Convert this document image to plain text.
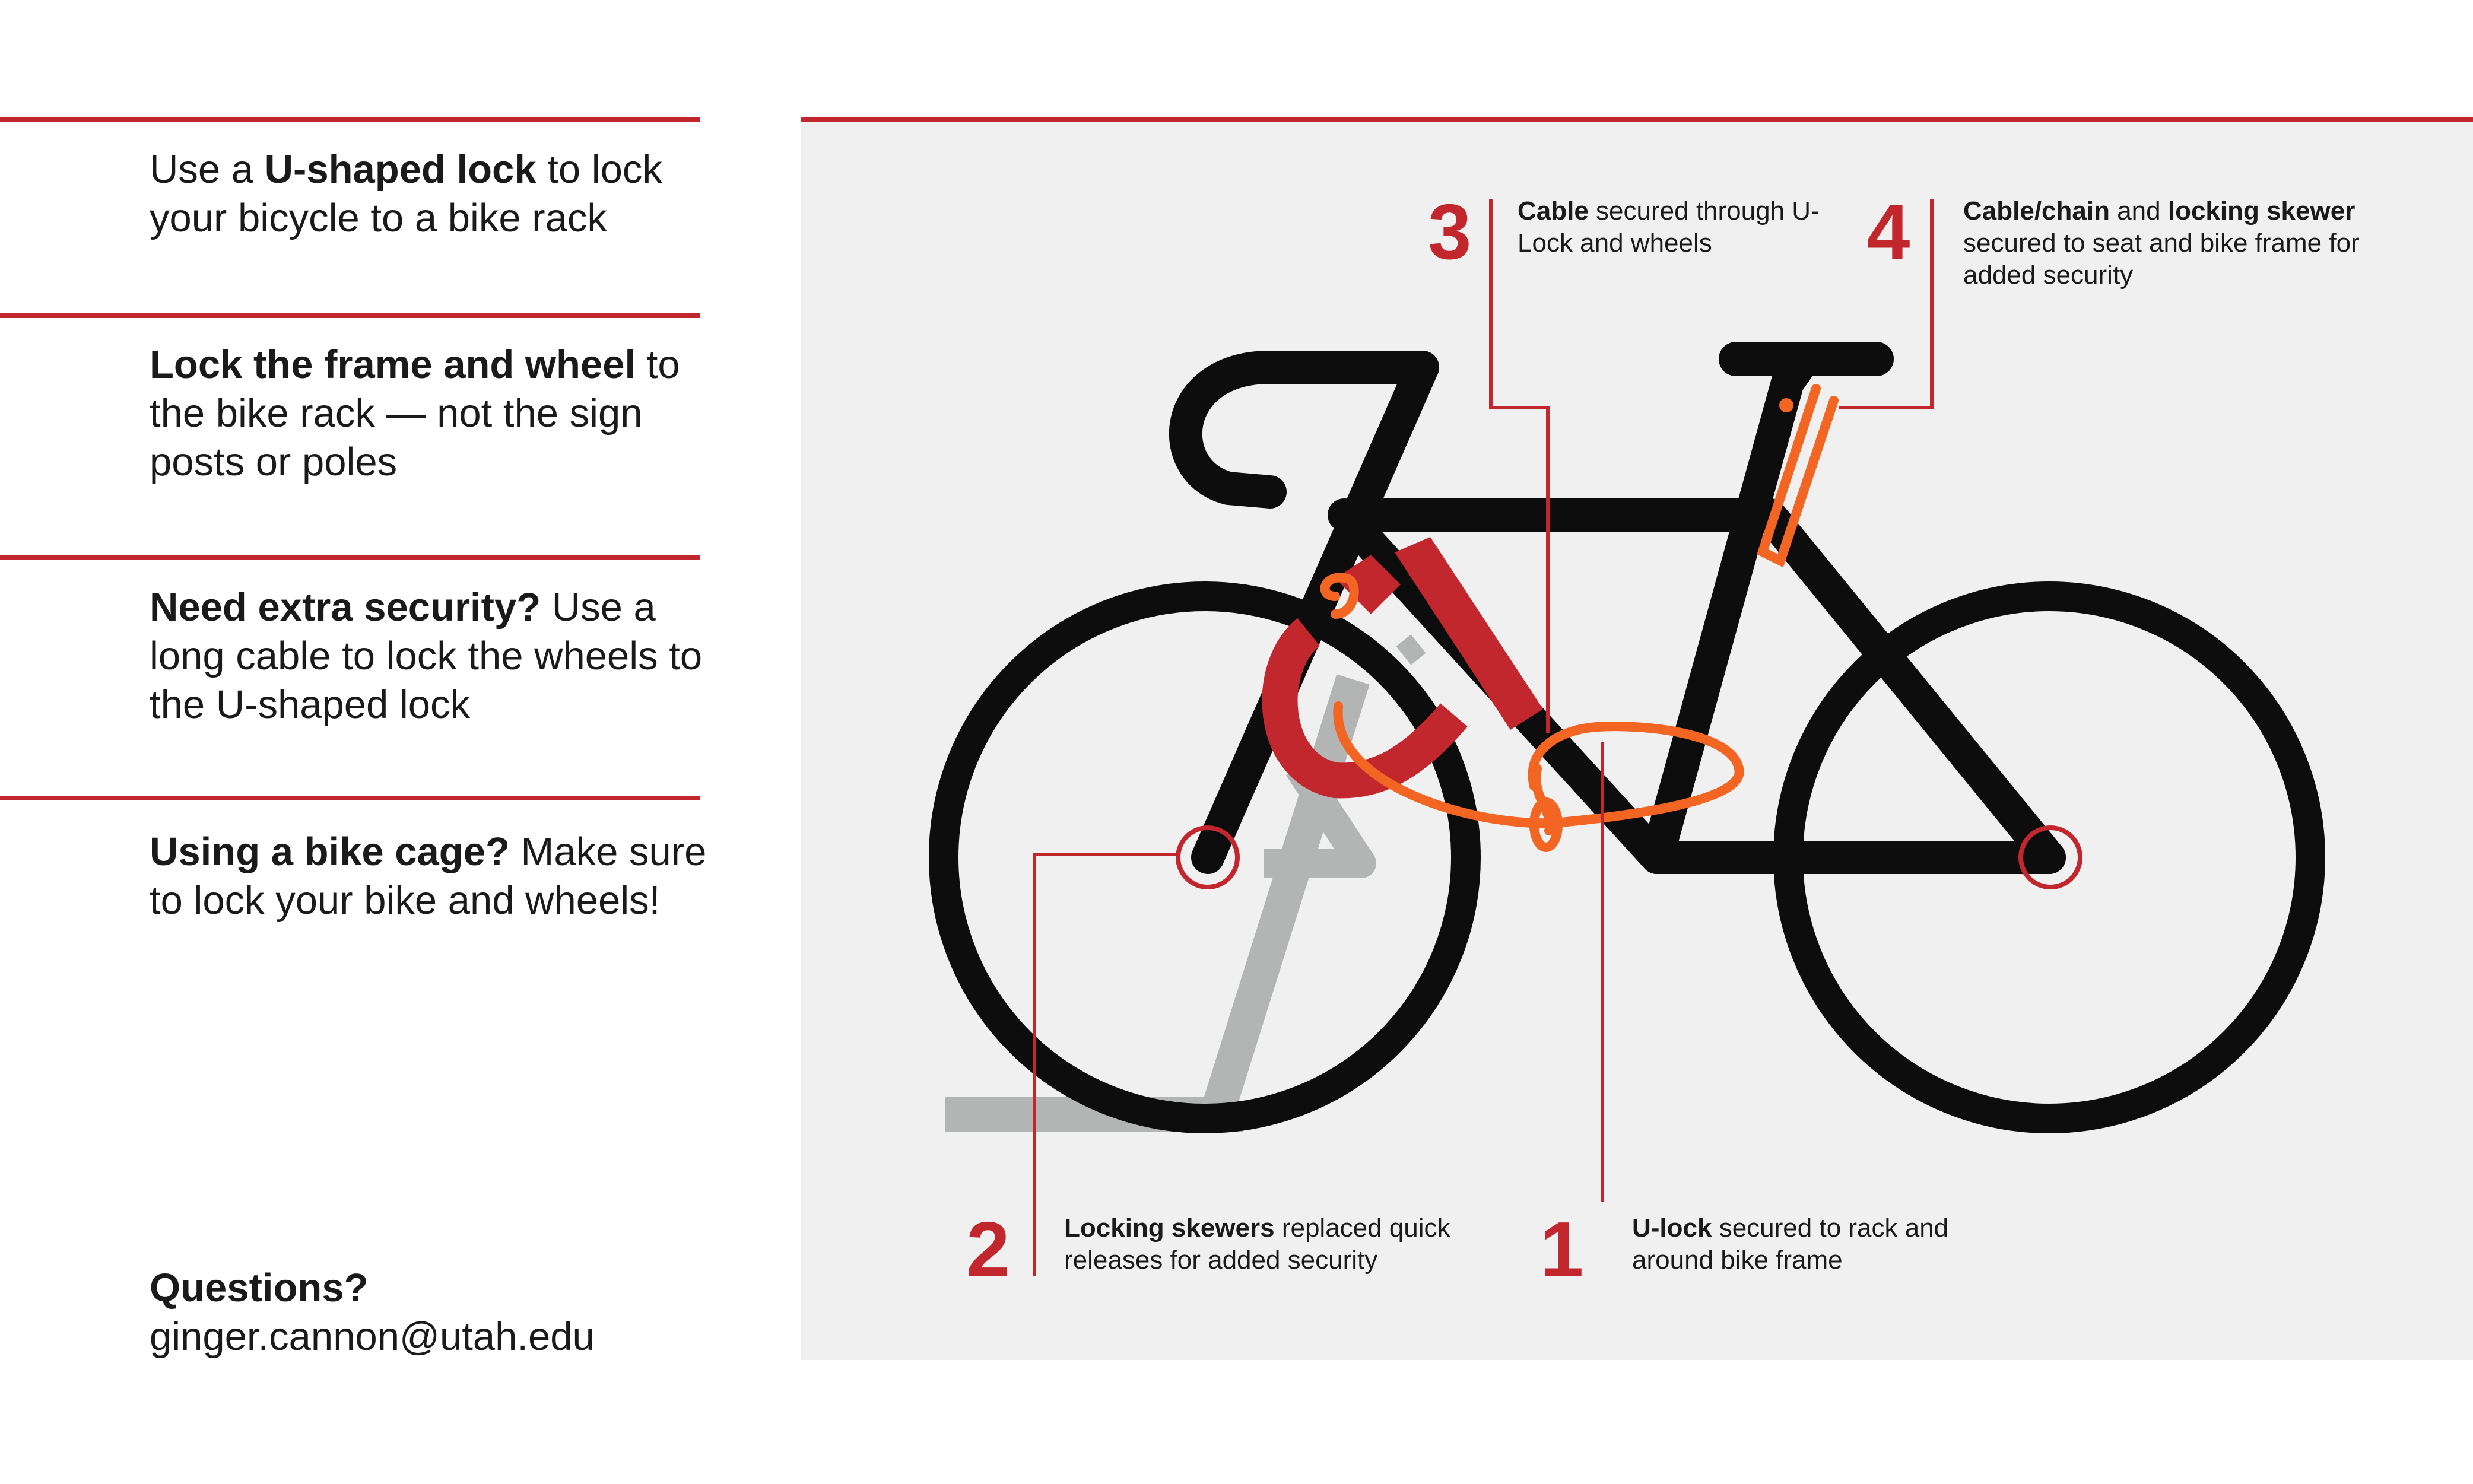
Use a U-shaped lock to lock your bicycle to a bike rack
Lock the frame and wheel to the bike rack — not the sign posts or poles
Need extra security? Use a long cable to lock the wheels to the U-shaped lock
Using a bike cage? Make sure to lock your bike and wheels!
Questions?
ginger.cannon@utah.edu
3 Cable secured through U-Lock and wheels	4 Cable/chain and locking skewer secured to seat and bike frame for added security
2 Locking skewers replaced quick releases for added security	1 U-lock secured to rack and around bike frame
